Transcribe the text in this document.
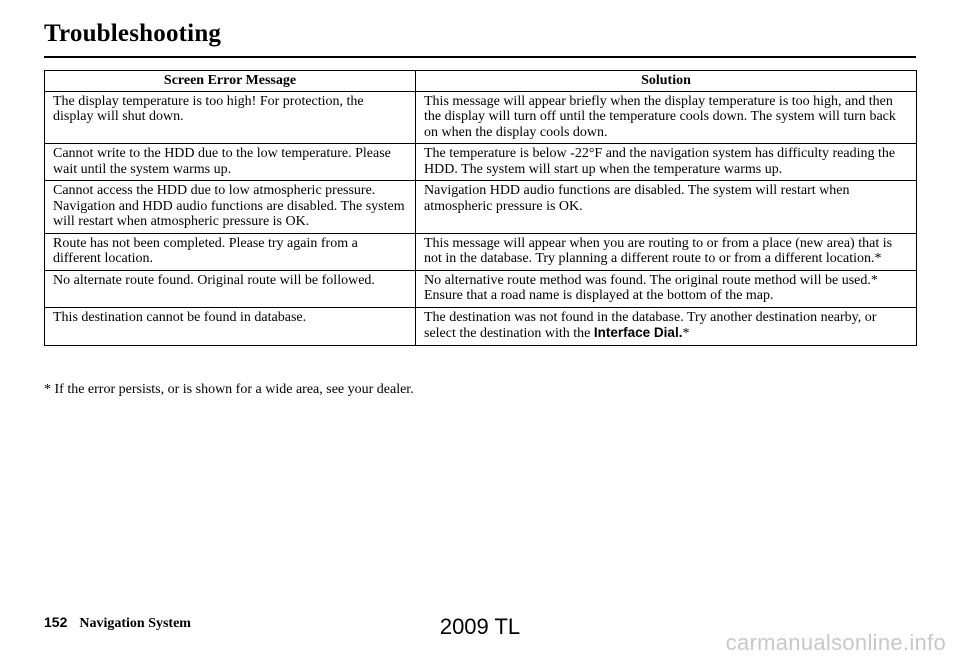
Troubleshooting
Screen Error Message	Solution
The display temperature is too high! For protection, the display will shut down.	This message will appear briefly when the display temperature is too high, and then the display will turn off until the temperature cools down. The system will turn back on when the display cools down.
Cannot write to the HDD due to the low temperature. Please wait until the system warms up.	The temperature is below -22°F and the navigation system has difficulty reading the HDD. The system will start up when the temperature warms up.
Cannot access the HDD due to low atmospheric pressure. Navigation and HDD audio functions are disabled. The system will restart when atmospheric pressure is OK.	Navigation HDD audio functions are disabled. The system will restart when atmospheric pressure is OK.
Route has not been completed. Please try again from a different location.	This message will appear when you are routing to or from a place (new area) that is not in the database. Try planning a different route to or from a different location.*
No alternate route found. Original route will be followed.	No alternative route method was found. The original route method will be used.* Ensure that a road name is displayed at the bottom of the map.
This destination cannot be found in database.	The destination was not found in the database. Try another destination nearby, or select the destination with the Interface Dial.*
* If the error persists, or is shown for a wide area, see your dealer.
152 Navigation System	2009 TL
carmanualsonline.info
